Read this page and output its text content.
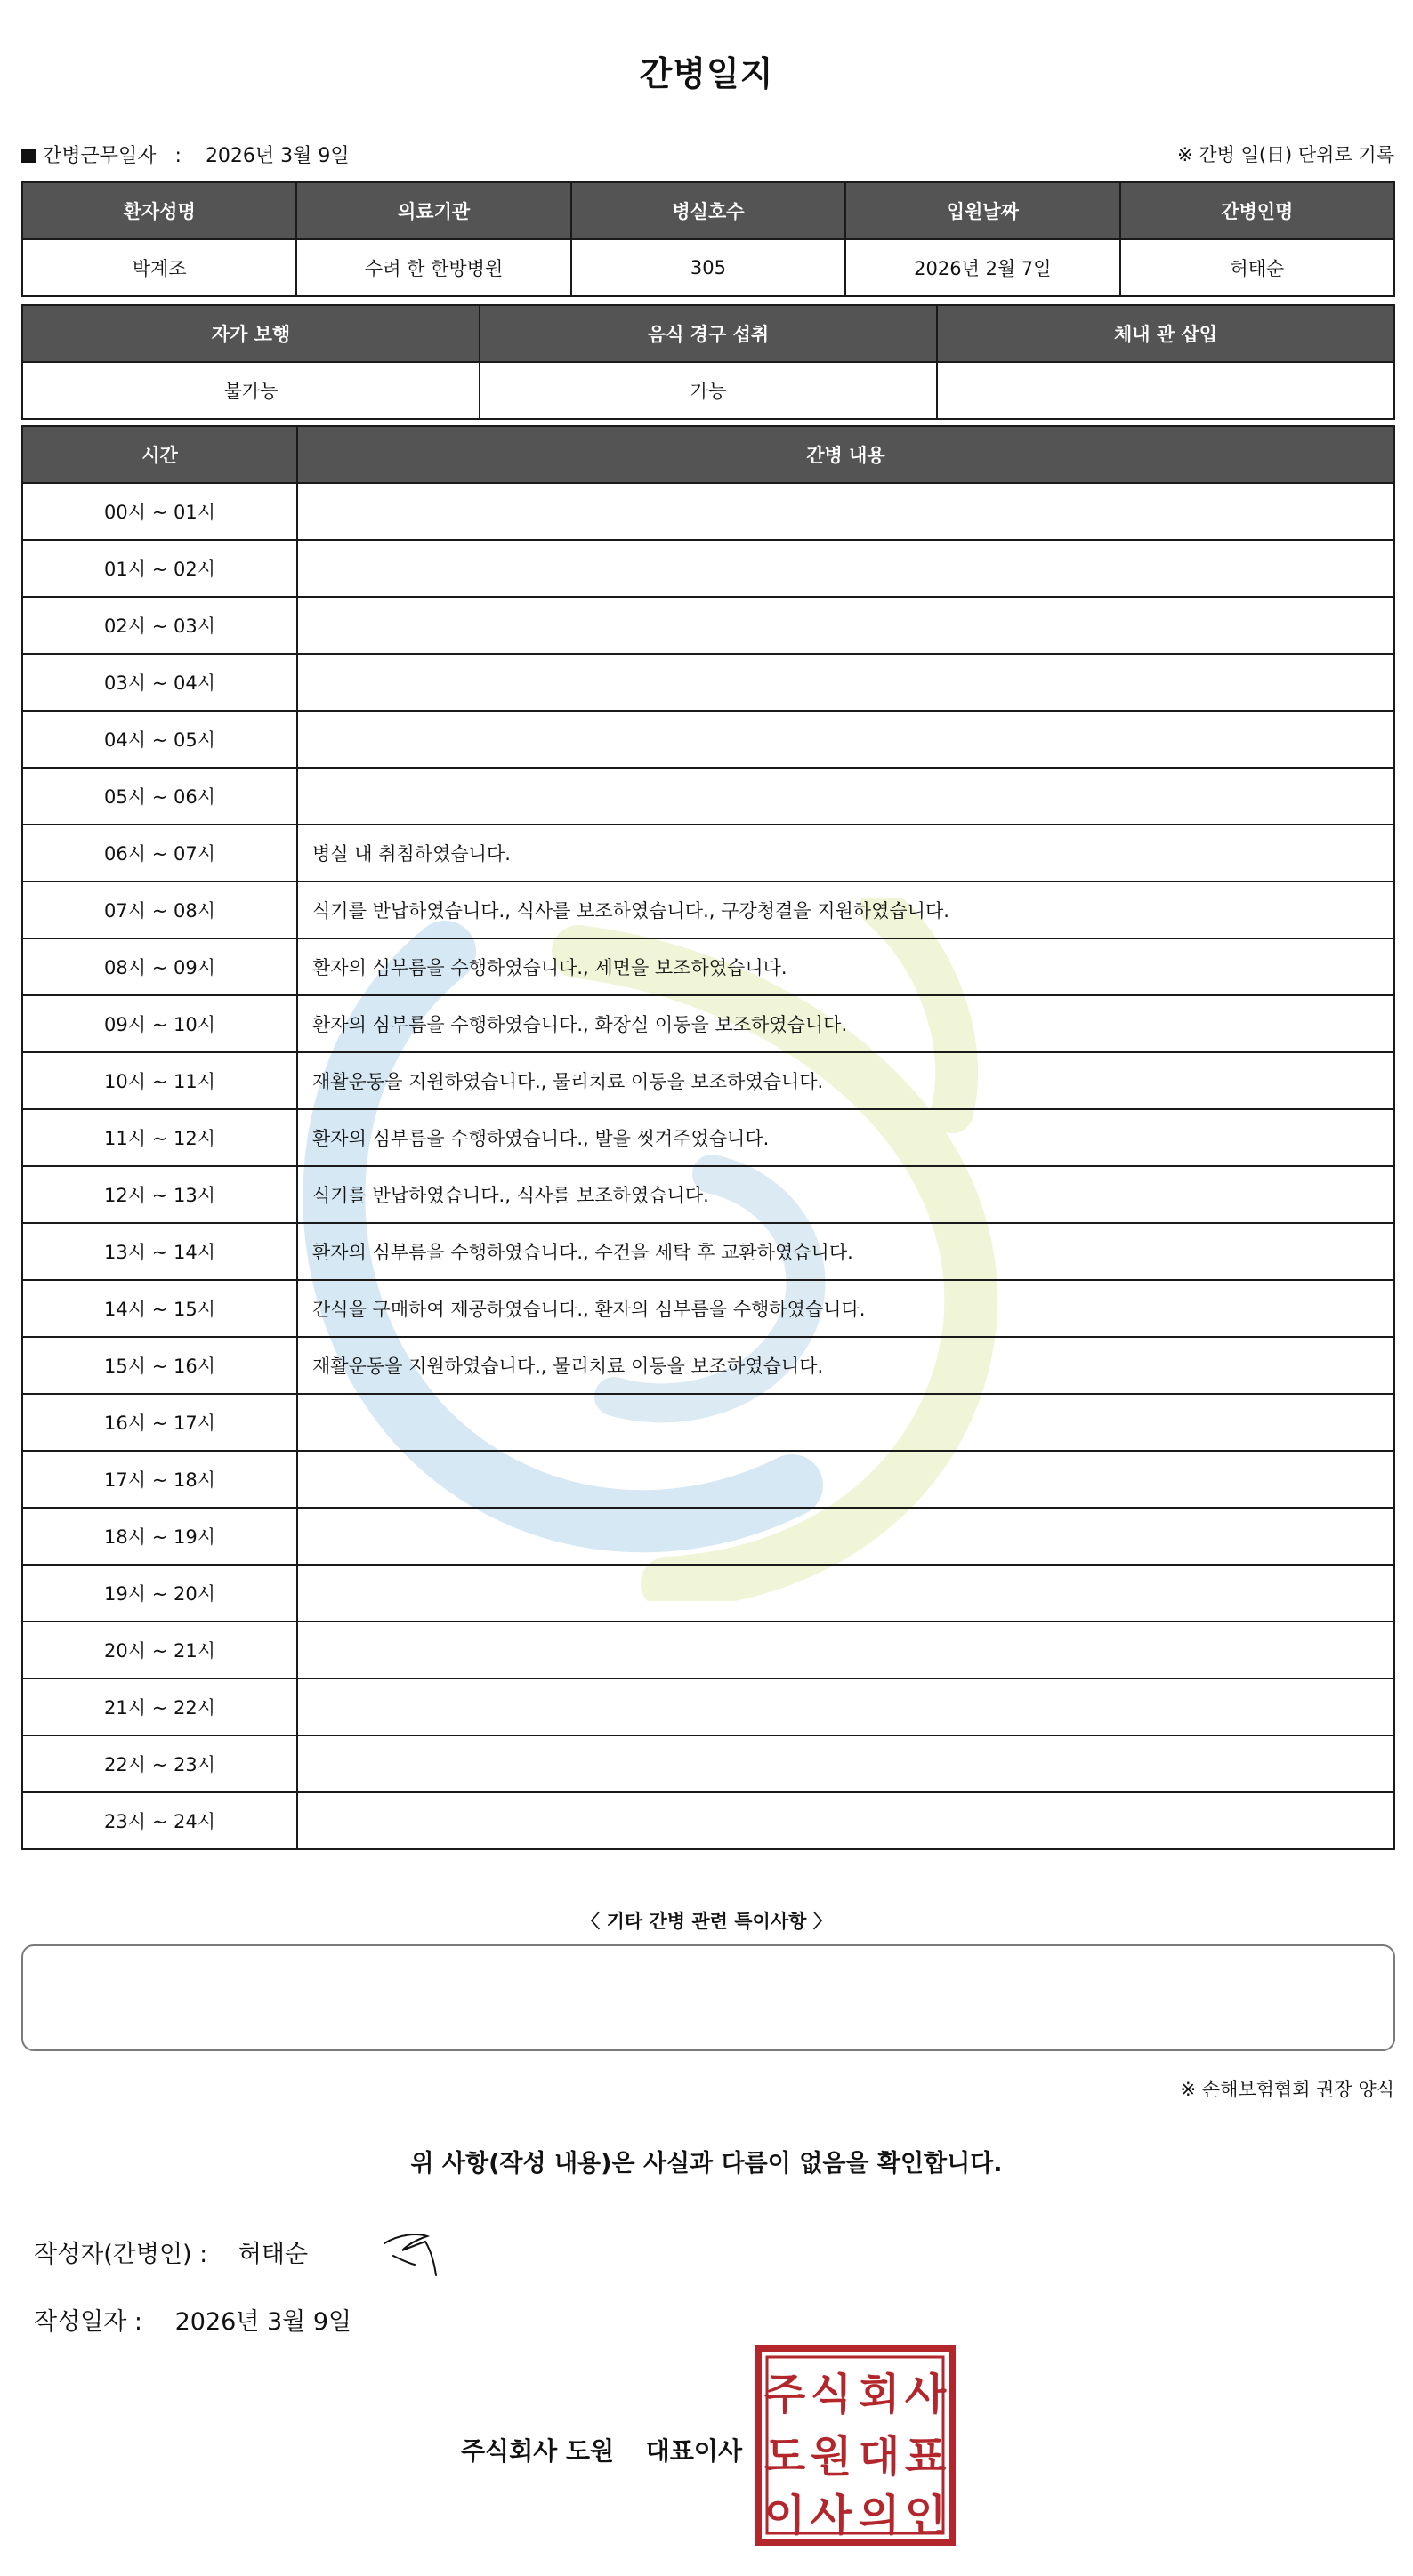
간병일지
간병근무일자 : 2026년 3월 9일	※ 간병 일(日) 단위로 기록
환자성명	의료기관	병실호수	입원날짜	간병인명
박계조	수려 한 한방병원	305	2026년 2월 7일	허태순
자가 보행	음식 경구 섭취	체내 관 삽입
불가능	가능	
시간	간병 내용
00시 ~ 01시	
01시 ~ 02시	
02시 ~ 03시	
03시 ~ 04시	
04시 ~ 05시	
05시 ~ 06시	
06시 ~ 07시	병실 내 취침하였습니다.
07시 ~ 08시	식기를 반납하였습니다., 식사를 보조하였습니다., 구강청결을 지원하였습니다.
08시 ~ 09시	환자의 심부름을 수행하였습니다., 세면을 보조하였습니다.
09시 ~ 10시	환자의 심부름을 수행하였습니다., 화장실 이동을 보조하였습니다.
10시 ~ 11시	재활운동을 지원하였습니다., 물리치료 이동을 보조하였습니다.
11시 ~ 12시	환자의 심부름을 수행하였습니다., 발을 씻겨주었습니다.
12시 ~ 13시	식기를 반납하였습니다., 식사를 보조하였습니다.
13시 ~ 14시	환자의 심부름을 수행하였습니다., 수건을 세탁 후 교환하였습니다.
14시 ~ 15시	간식을 구매하여 제공하였습니다., 환자의 심부름을 수행하였습니다.
15시 ~ 16시	재활운동을 지원하였습니다., 물리치료 이동을 보조하였습니다.
16시 ~ 17시	
17시 ~ 18시	
18시 ~ 19시	
19시 ~ 20시	
20시 ~ 21시	
21시 ~ 22시	
22시 ~ 23시	
23시 ~ 24시	
〈 기타 간병 관련 특이사항 〉
※ 손해보험협회 권장 양식
위 사항(작성 내용)은 사실과 다름이 없음을 확인합니다.
작성자(간병인) : 허태순
작성일자 : 2026년 3월 9일
주식회사 도원 대표이사
주 식 회 사
도 원 대 표
이 사 의 인
